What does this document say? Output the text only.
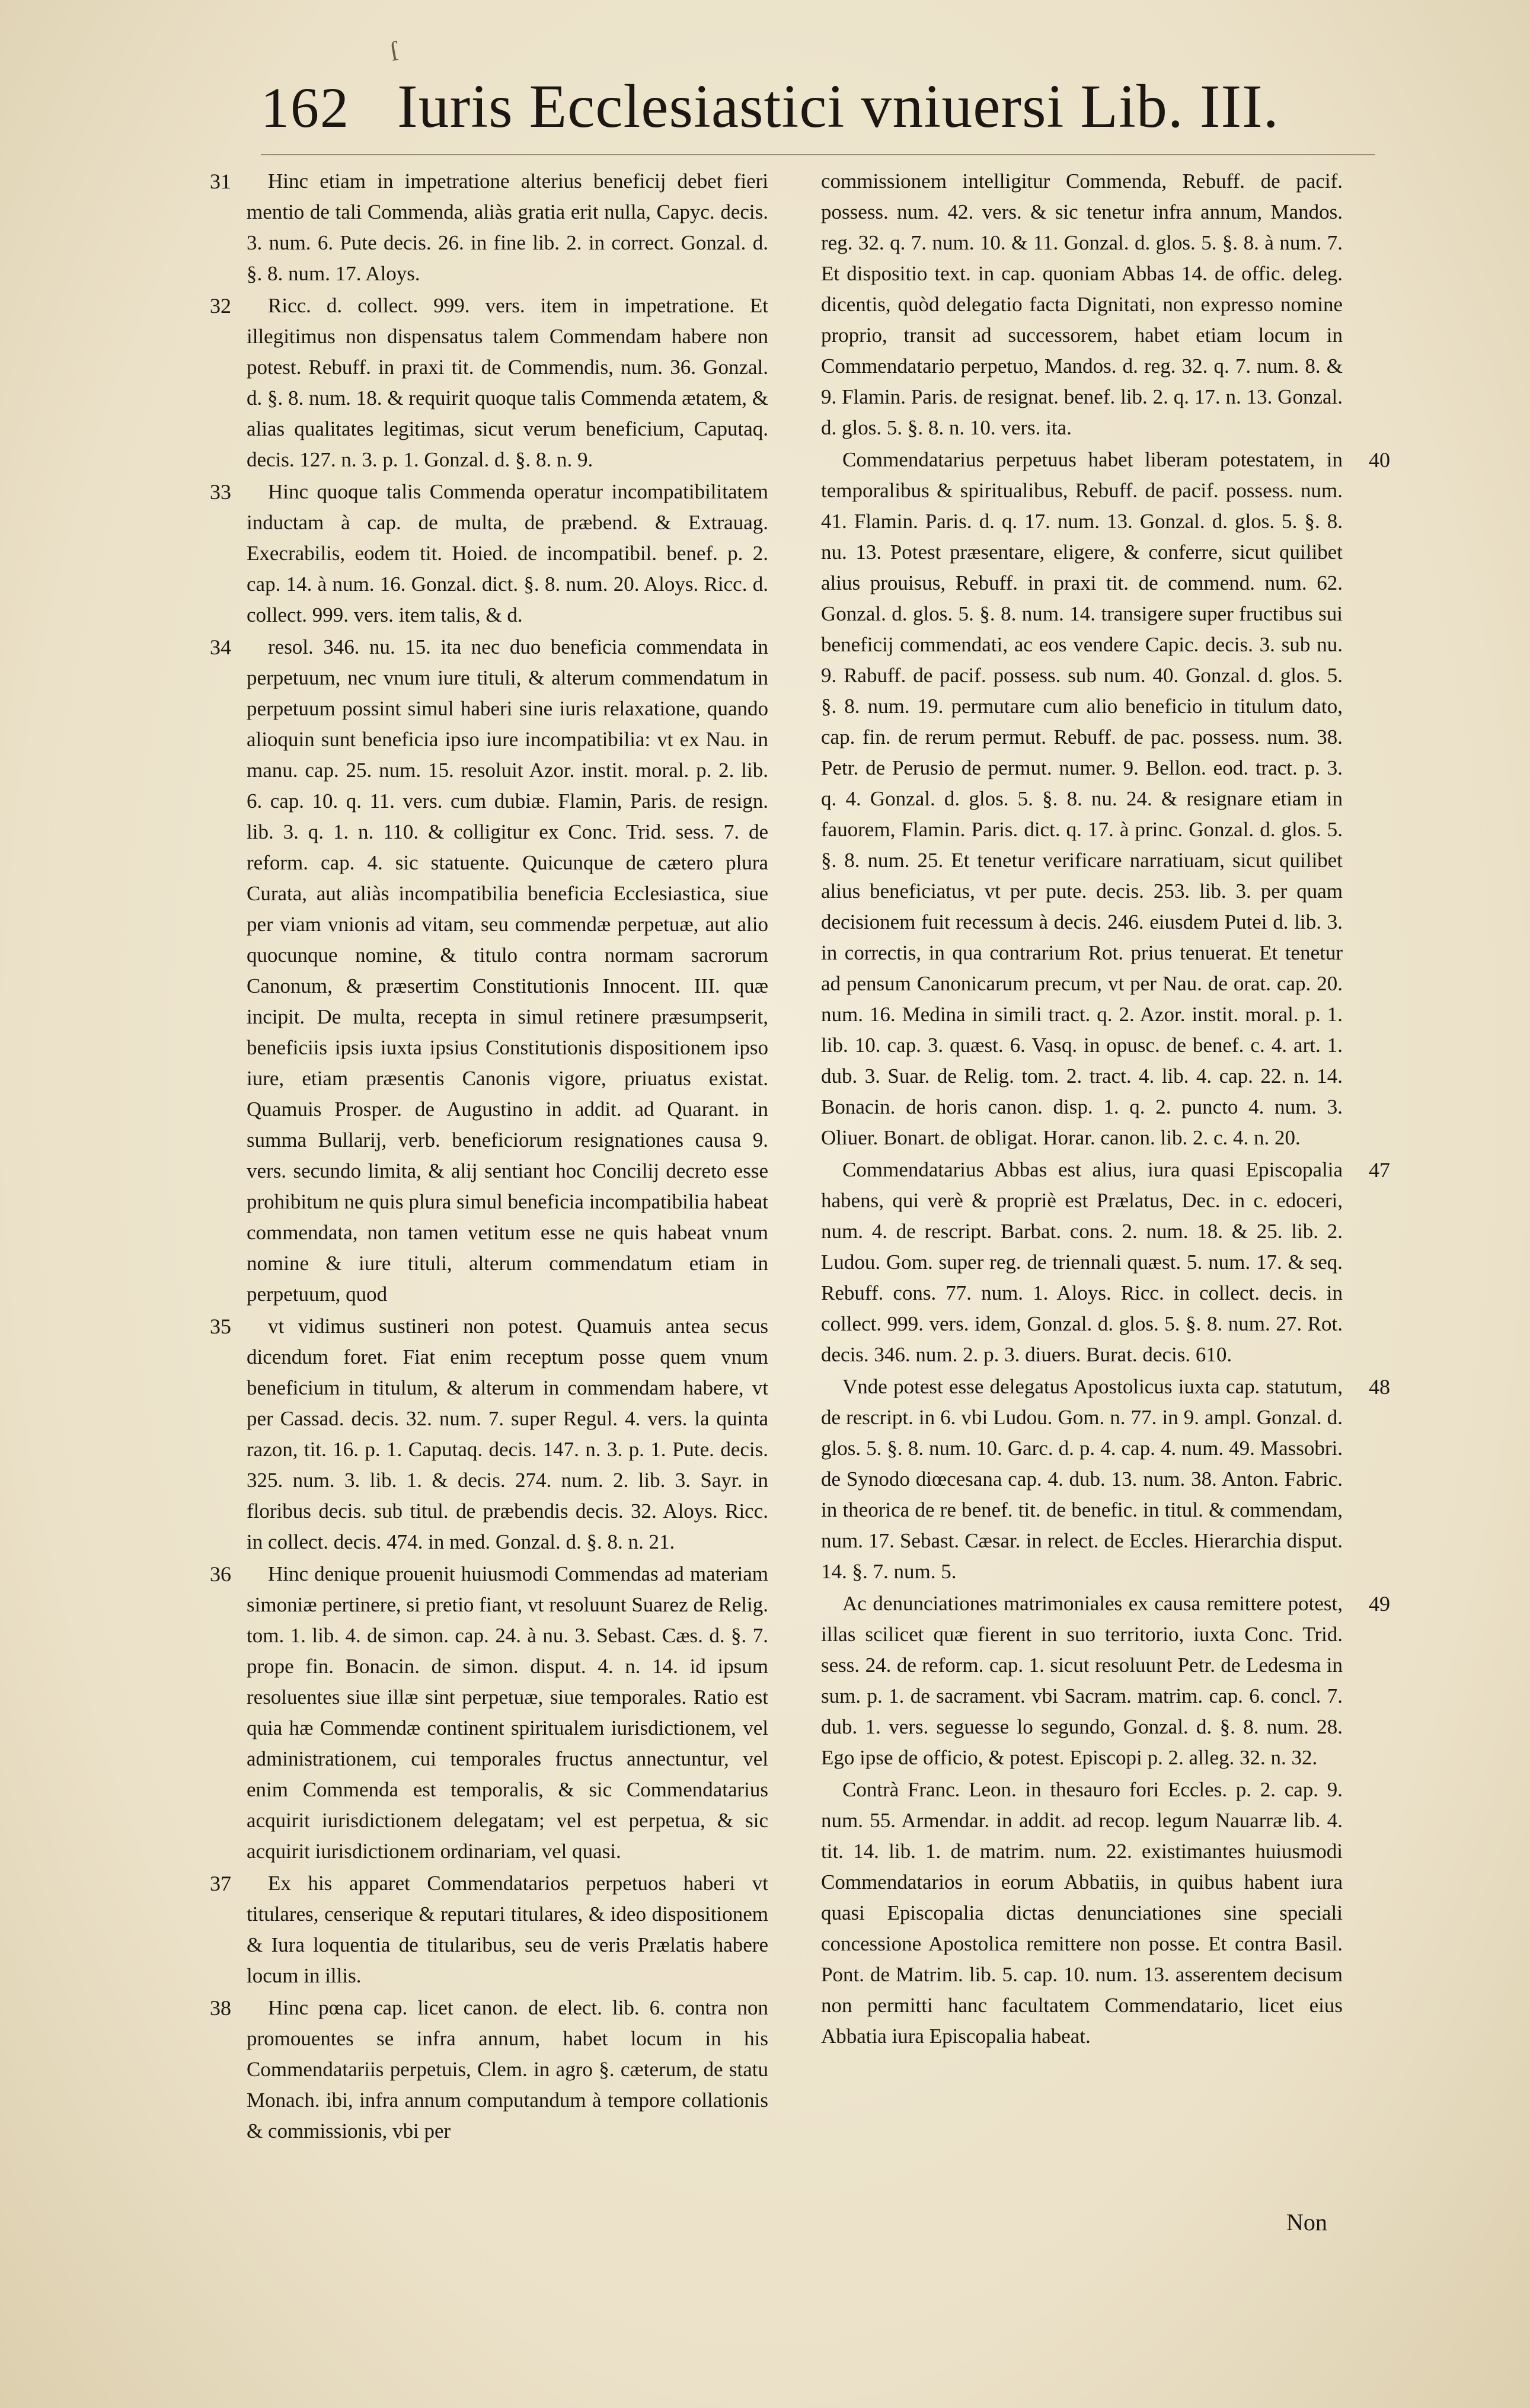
ſ
162 Iuris Ecclesiastici vniuersi Lib. III.

31 Hinc etiam in impetratione alterius beneficij debet fieri mentio de tali Commenda, aliàs gratia erit nulla, Capyc. decis. 3. num. 6. Pute decis. 26. in fine lib. 2. in correct. Gonzal. d. §. 8. num. 17. Aloys.

32 Ricc. d. collect. 999. vers. item in impetratione. Et illegitimus non dispensatus talem Commendam habere non potest. Rebuff. in praxi tit. de Commendis, num. 36. Gonzal. d. §. 8. num. 18. & requirit quoque talis Commenda ætatem, & alias qualitates legitimas, sicut verum beneficium, Caputaq. decis. 127. n. 3. p. 1. Gonzal. d. §. 8. n. 9.

33 Hinc quoque talis Commenda operatur incompatibilitatem inductam à cap. de multa, de præbend. & Extrauag. Execrabilis, eodem tit. Hoied. de incompatibil. benef. p. 2. cap. 14. à num. 16. Gonzal. dict. §. 8. num. 20. Aloys. Ricc. d. collect. 999. vers. item talis, & d.

34 resol. 346. nu. 15. ita nec duo beneficia commendata in perpetuum, nec vnum iure tituli, & alterum commendatum in perpetuum possint simul haberi sine iuris relaxatione, quando alioquin sunt beneficia ipso iure incompatibilia: vt ex Nau. in manu. cap. 25. num. 15. resoluit Azor. instit. moral. p. 2. lib. 6. cap. 10. q. 11. vers. cum dubiæ. Flamin, Paris. de resign. lib. 3. q. 1. n. 110. & colligitur ex Conc. Trid. sess. 7. de reform. cap. 4. sic statuente. Quicunque de cætero plura Curata, aut aliàs incompatibilia beneficia Ecclesiastica, siue per viam vnionis ad vitam, seu commendæ perpetuæ, aut alio quocunque nomine, & titulo contra normam sacrorum Canonum, & præsertim Constitutionis Innocent. III. quæ incipit. De multa, recepta in simul retinere præsumpserit, beneficiis ipsis iuxta ipsius Constitutionis dispositionem ipso iure, etiam præsentis Canonis vigore, priuatus existat. Quamuis Prosper. de Augustino in addit. ad Quarant. in summa Bullarij, verb. beneficiorum resignationes causa 9. vers. secundo limita, & alij sentiant hoc Concilij decreto esse prohibitum ne quis plura simul beneficia incompatibilia habeat commendata, non tamen vetitum esse ne quis habeat vnum nomine & iure tituli, alterum commendatum etiam in perpetuum, quod

35 vt vidimus sustineri non potest. Quamuis antea secus dicendum foret. Fiat enim receptum posse quem vnum beneficium in titulum, & alterum in commendam habere, vt per Cassad. decis. 32. num. 7. super Regul. 4. vers. la quinta razon, tit. 16. p. 1. Caputaq. decis. 147. n. 3. p. 1. Pute. decis. 325. num. 3. lib. 1. & decis. 274. num. 2. lib. 3. Sayr. in floribus decis. sub titul. de præbendis decis. 32. Aloys. Ricc. in collect. decis. 474. in med. Gonzal. d. §. 8. n. 21.

36 Hinc denique prouenit huiusmodi Commendas ad materiam simoniæ pertinere, si pretio fiant, vt resoluunt Suarez de Relig. tom. 1. lib. 4. de simon. cap. 24. à nu. 3. Sebast. Cæs. d. §. 7. prope fin. Bonacin. de simon. disput. 4. n. 14. id ipsum resoluentes siue illæ sint perpetuæ, siue temporales. Ratio est quia hæ Commendæ continent spiritualem iurisdictionem, vel administrationem, cui temporales fructus annectuntur, vel enim Commenda est temporalis, & sic Commendatarius acquirit iurisdictionem delegatam; vel est perpetua, & sic acquirit iurisdictionem ordinariam, vel quasi.

37 Ex his apparet Commendatarios perpetuos haberi vt titulares, censerique & reputari titulares, & ideo dispositionem & Iura loquentia de titularibus, seu de veris Prælatis habere locum in illis.

38 Hinc pœna cap. licet canon. de elect. lib. 6. contra non promouentes se infra annum, habet locum in his Commendatariis perpetuis, Clem. in agro §. cæterum, de statu Monach. ibi, infra annum computandum à tempore collationis & commissionis, vbi per

commissionem intelligitur Commenda, Rebuff. de pacif. possess. num. 42. vers. & sic tenetur infra annum, Mandos. reg. 32. q. 7. num. 10. & 11. Gonzal. d. glos. 5. §. 8. à num. 7. Et dispositio text. in cap. quoniam Abbas 14. de offic. deleg. dicentis, quòd delegatio facta Dignitati, non expresso nomine proprio, transit ad successorem, habet etiam locum in Commendatario perpetuo, Mandos. d. reg. 32. q. 7. num. 8. & 9. Flamin. Paris. de resignat. benef. lib. 2. q. 17. n. 13. Gonzal. d. glos. 5. §. 8. n. 10. vers. ita.

40
Commendatarius perpetuus habet liberam potestatem, in temporalibus & spiritualibus, Rebuff. de pacif. possess. num. 41. Flamin. Paris. d. q. 17. num. 13. Gonzal. d. glos. 5. §. 8. nu. 13. Potest præsentare, eligere, & conferre, sicut quilibet alius prouisus, Rebuff. in praxi tit. de commend. num. 62. Gonzal. d. glos. 5. §. 8. num. 14. transigere super fructibus sui beneficij commendati, ac eos vendere Capic. decis. 3. sub nu. 9. Rabuff. de pacif. possess. sub num. 40. Gonzal. d. glos. 5. §. 8. num. 19. permutare cum alio beneficio in titulum dato, cap. fin. de rerum permut. Rebuff. de pac. possess. num. 38. Petr. de Perusio de permut. numer. 9. Bellon. eod. tract. p. 3. q. 4. Gonzal. d. glos. 5. §. 8. nu. 24. & resignare etiam in fauorem, Flamin. Paris. dict. q. 17. à princ. Gonzal. d. glos. 5. §. 8. num. 25. Et tenetur verificare narratiuam, sicut quilibet alius beneficiatus, vt per pute. decis. 253. lib. 3. per quam decisionem fuit recessum à decis. 246. eiusdem Putei d. lib. 3. in correctis, in qua contrarium Rot. prius tenuerat. Et tenetur ad pensum Canonicarum precum, vt per Nau. de orat. cap. 20. num. 16. Medina in simili tract. q. 2. Azor. instit. moral. p. 1. lib. 10. cap. 3. quæst. 6. Vasq. in opusc. de benef. c. 4. art. 1. dub. 3. Suar. de Relig. tom. 2. tract. 4. lib. 4. cap. 22. n. 14. Bonacin. de horis canon. disp. 1. q. 2. puncto 4. num. 3. Oliuer. Bonart. de obligat. Horar. canon. lib. 2. c. 4. n. 20.

47
Commendatarius Abbas est alius, iura quasi Episcopalia habens, qui verè & propriè est Prælatus, Dec. in c. edoceri, num. 4. de rescript. Barbat. cons. 2. num. 18. & 25. lib. 2. Ludou. Gom. super reg. de triennali quæst. 5. num. 17. & seq. Rebuff. cons. 77. num. 1. Aloys. Ricc. in collect. decis. in collect. 999. vers. idem, Gonzal. d. glos. 5. §. 8. num. 27. Rot. decis. 346. num. 2. p. 3. diuers. Burat. decis. 610.

48
Vnde potest esse delegatus Apostolicus iuxta cap. statutum, de rescript. in 6. vbi Ludou. Gom. n. 77. in 9. ampl. Gonzal. d. glos. 5. §. 8. num. 10. Garc. d. p. 4. cap. 4. num. 49. Massobri. de Synodo diœcesana cap. 4. dub. 13. num. 38. Anton. Fabric. in theorica de re benef. tit. de benefic. in titul. & commendam, num. 17. Sebast. Cæsar. in relect. de Eccles. Hierarchia disput. 14. §. 7. num. 5.

49
Ac denunciationes matrimoniales ex causa remittere potest, illas scilicet quæ fierent in suo territorio, iuxta Conc. Trid. sess. 24. de reform. cap. 1. sicut resoluunt Petr. de Ledesma in sum. p. 1. de sacrament. vbi Sacram. matrim. cap. 6. concl. 7. dub. 1. vers. seguesse lo segundo, Gonzal. d. §. 8. num. 28. Ego ipse de officio, & potest. Episcopi p. 2. alleg. 32. n. 32.

Contrà Franc. Leon. in thesauro fori Eccles. p. 2. cap. 9. num. 55. Armendar. in addit. ad recop. legum Nauarræ lib. 4. tit. 14. lib. 1. de matrim. num. 22. existimantes huiusmodi Commendatarios in eorum Abbatiis, in quibus habent iura quasi Episcopalia dictas denunciationes sine speciali concessione Apostolica remittere non posse. Et contra Basil. Pont. de Matrim. lib. 5. cap. 10. num. 13. asserentem decisum non permitti hanc facultatem Commendatario, licet eius Abbatia iura Episcopalia habeat.

Non
